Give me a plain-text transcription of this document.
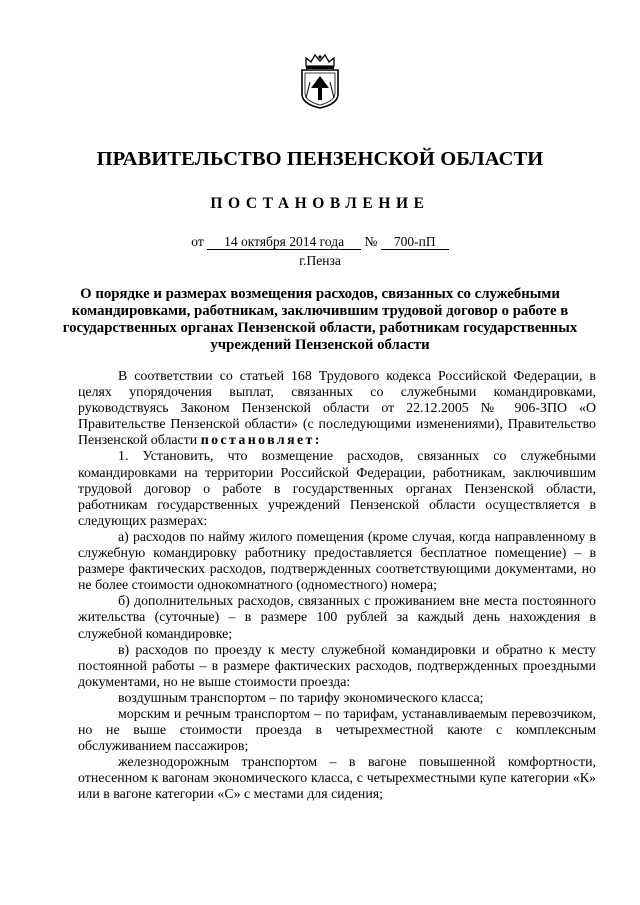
ПРАВИТЕЛЬСТВО ПЕНЗЕНСКОЙ ОБЛАСТИ
ПОСТАНОВЛЕНИЕ
от 14 октября 2014 года № 700-пП
г.Пенза
О порядке и размерах возмещения расходов, связанных со служебными командировками, работникам, заключившим трудовой договор о работе в государственных органах Пензенской области, работникам государственных учреждений Пензенской области

В соответствии со статьей 168 Трудового кодекса Российской Федерации, в целях упорядочения выплат, связанных со служебными командировками, руководствуясь Законом Пензенской области от 22.12.2005 № 906-ЗПО «О Правительстве Пензенской области» (с последующими изменениями), Правительство Пензенской области постановляет:

1. Установить, что возмещение расходов, связанных со служебными командировками на территории Российской Федерации, работникам, заключившим трудовой договор о работе в государственных органах Пензенской области, работникам государственных учреждений Пензенской области осуществляется в следующих размерах:

а) расходов по найму жилого помещения (кроме случая, когда направленному в служебную командировку работнику предоставляется бесплатное помещение) – в размере фактических расходов, подтвержденных соответствующими документами, но не более стоимости однокомнатного (одноместного) номера;

б) дополнительных расходов, связанных с проживанием вне места постоянного жительства (суточные) – в размере 100 рублей за каждый день нахождения в служебной командировке;

в) расходов по проезду к месту служебной командировки и обратно к месту постоянной работы – в размере фактических расходов, подтвержденных проездными документами, но не выше стоимости проезда:

воздушным транспортом – по тарифу экономического класса;

морским и речным транспортом – по тарифам, устанавливаемым перевозчиком, но не выше стоимости проезда в четырехместной каюте с комплексным обслуживанием пассажиров;

железнодорожным транспортом – в вагоне повышенной комфортности, отнесенном к вагонам экономического класса, с четырехместными купе категории «К» или в вагоне категории «С» с местами для сидения;
